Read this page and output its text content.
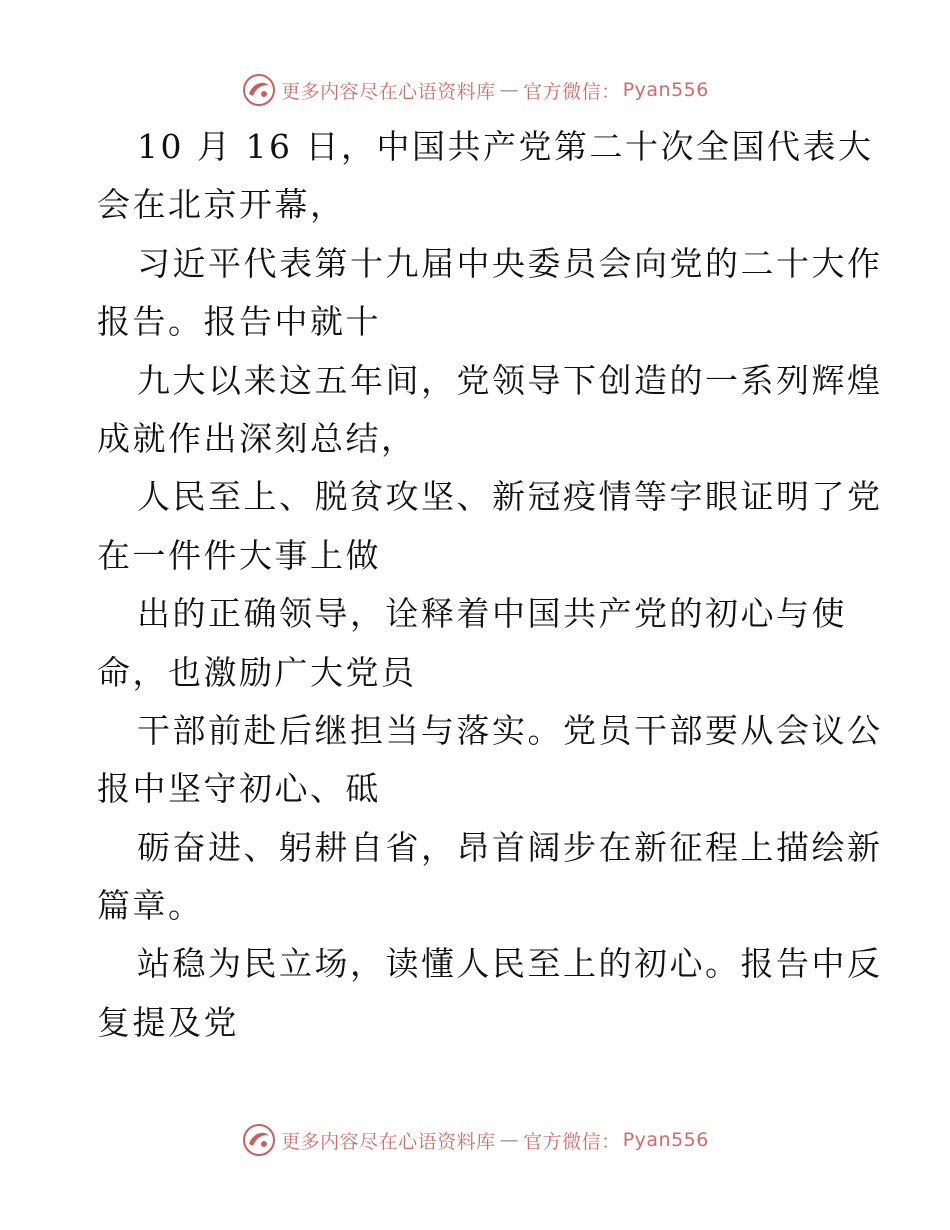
更多内容尽在心语资料库 — 官方微信： Pyan556
10 月 16 日，中国共产党第二十次全国代表大
会在北京开幕，
习近平代表第十九届中央委员会向党的二十大作
报告。报告中就十
九大以来这五年间，党领导下创造的一系列辉煌
成就作出深刻总结，
人民至上、脱贫攻坚、新冠疫情等字眼证明了党
在一件件大事上做
出的正确领导，诠释着中国共产党的初心与使
命，也激励广大党员
干部前赴后继担当与落实。党员干部要从会议公
报中坚守初心、砥
砺奋进、躬耕自省，昂首阔步在新征程上描绘新
篇章。
站稳为民立场，读懂人民至上的初心。报告中反
复提及党
更多内容尽在心语资料库 — 官方微信： Pyan556
